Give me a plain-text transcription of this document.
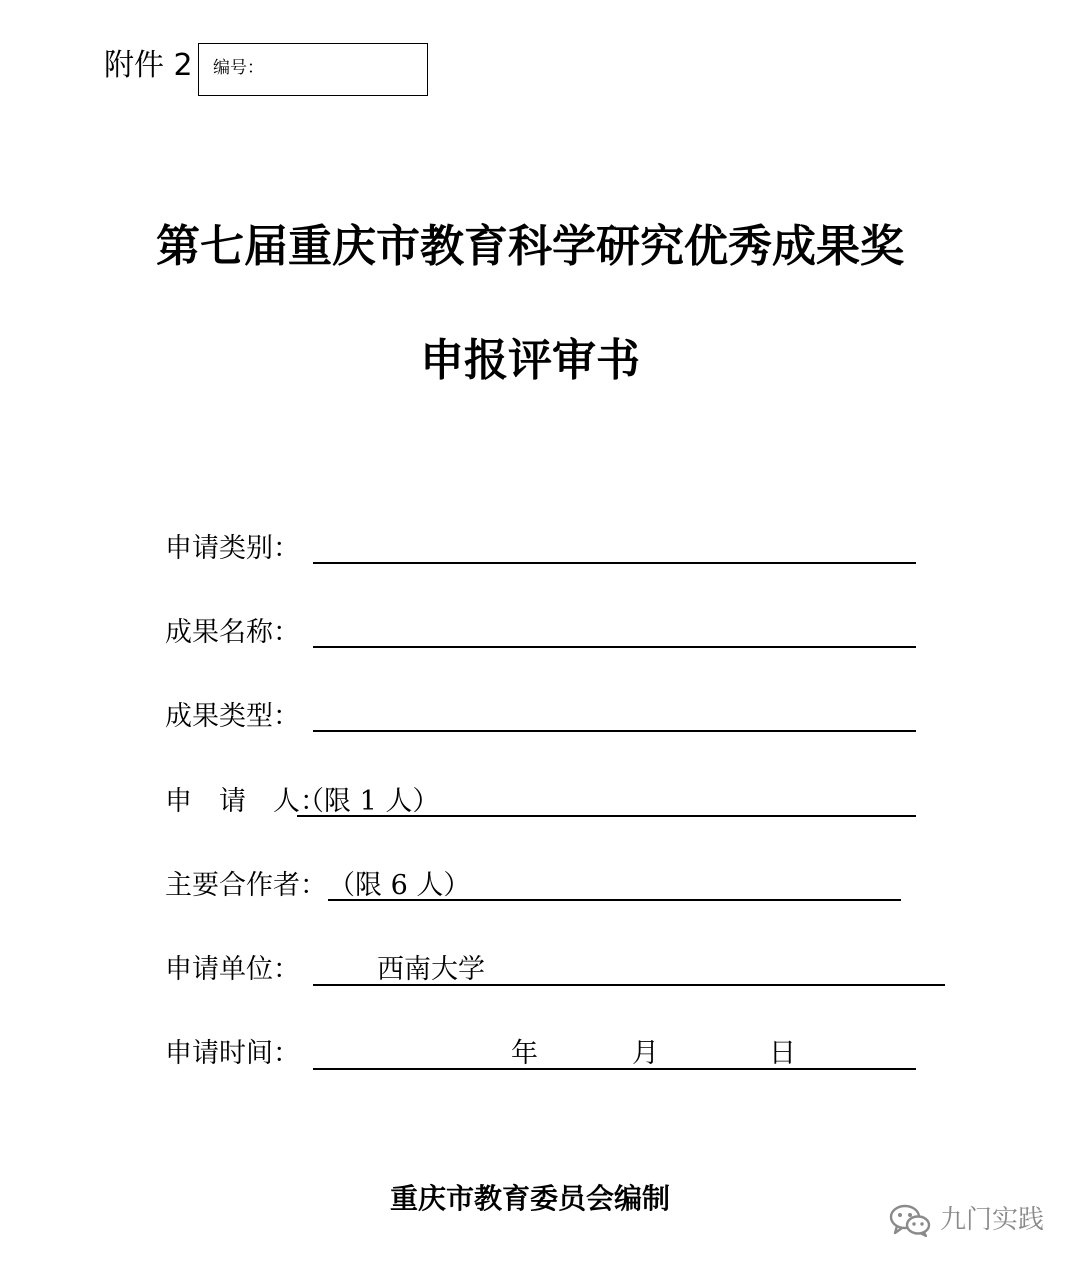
附件 2 编号：
第七届重庆市教育科学研究优秀成果奖
申报评审书
申请类别：
成果名称：
成果类型：
申　请　人：
（限 1 人）
主要合作者： （限 6 人）
申请单位：	西南大学
申请时间：	年	月	日
重庆市教育委员会编制
九门实践
